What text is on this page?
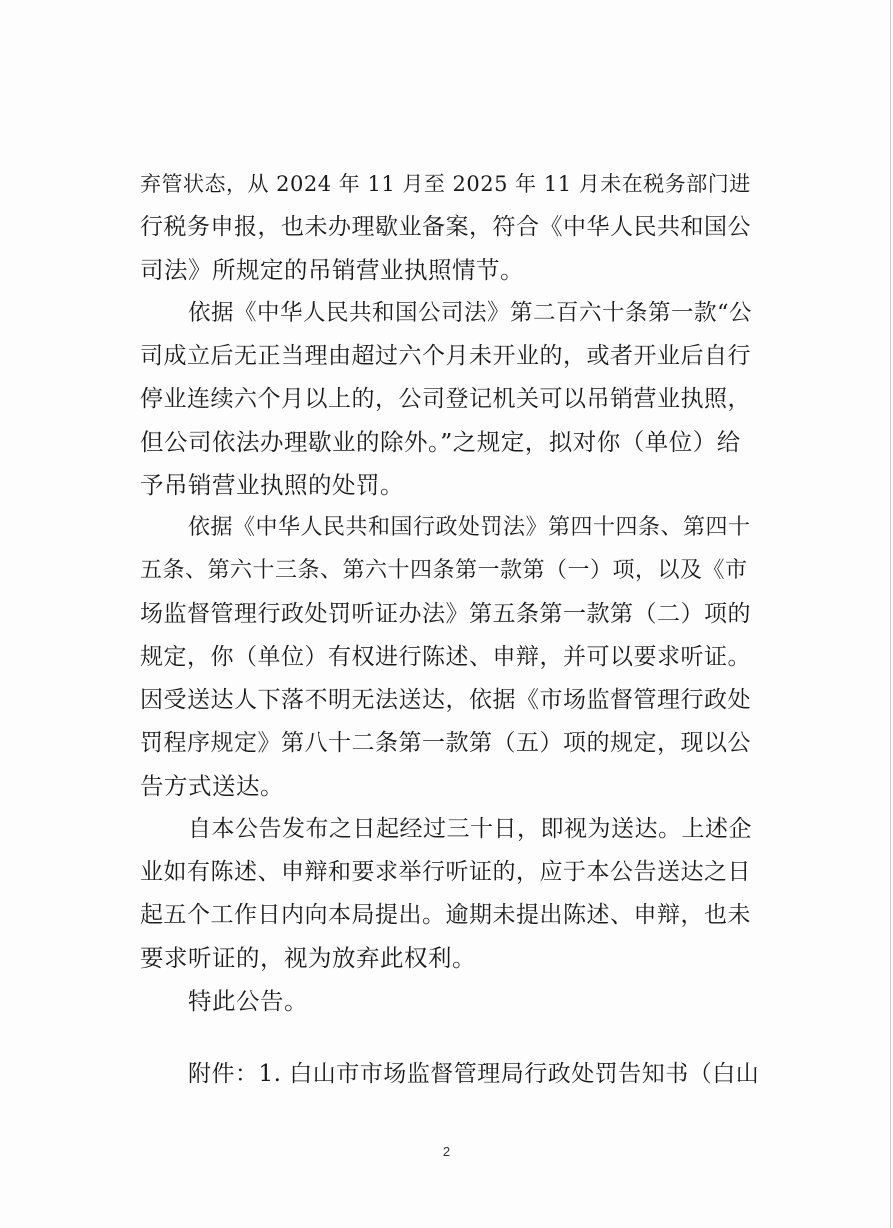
弃管状态，从 2024 年 11 月至 2025 年 11 月未在税务部门进
行税务申报，也未办理歇业备案，符合《中华人民共和国公
司法》所规定的吊销营业执照情节。
依据《中华人民共和国公司法》第二百六十条第一款“公
司成立后无正当理由超过六个月未开业的，或者开业后自行
停业连续六个月以上的，公司登记机关可以吊销营业执照，
但公司依法办理歇业的除外。”之规定，拟对你（单位）给
予吊销营业执照的处罚。
依据《中华人民共和国行政处罚法》第四十四条、第四十
五条、第六十三条、第六十四条第一款第（一）项，以及《市
场监督管理行政处罚听证办法》第五条第一款第（二）项的
规定，你（单位）有权进行陈述、申辩，并可以要求听证。
因受送达人下落不明无法送达，依据《市场监督管理行政处
罚程序规定》第八十二条第一款第（五）项的规定，现以公
告方式送达。
自本公告发布之日起经过三十日，即视为送达。上述企
业如有陈述、申辩和要求举行听证的，应于本公告送达之日
起五个工作日内向本局提出。逾期未提出陈述、申辩，也未
要求听证的，视为放弃此权利。
特此公告。
附件：1. 白山市市场监督管理局行政处罚告知书（白山
2
